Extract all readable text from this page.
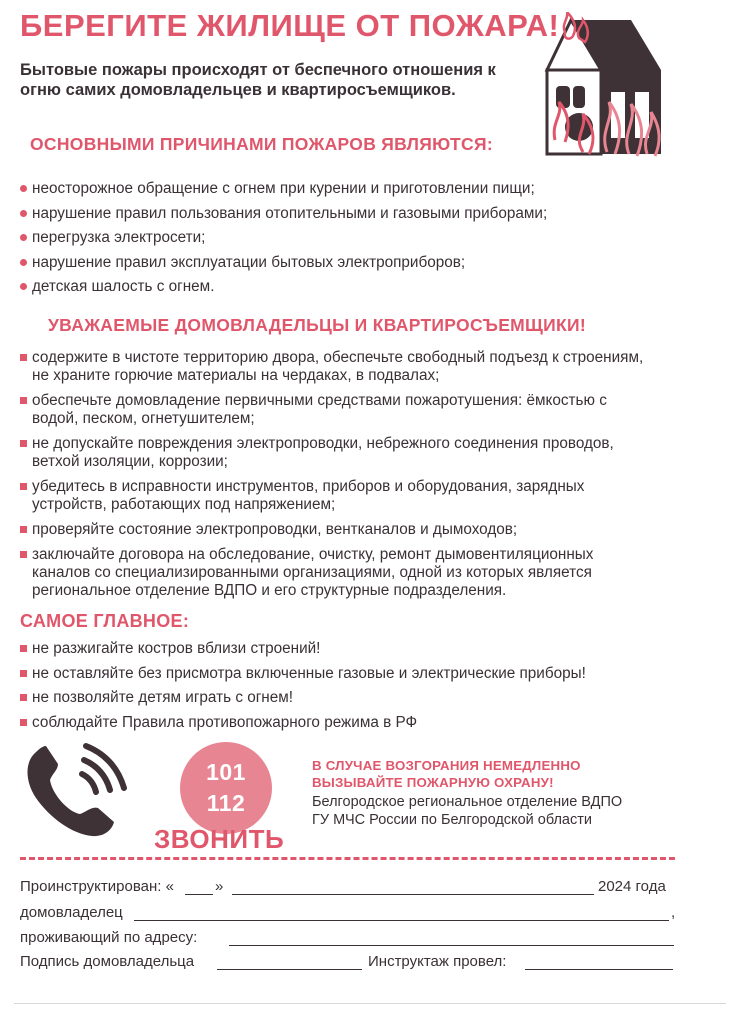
БЕРЕГИТЕ ЖИЛИЩЕ ОТ ПОЖАРА!
Бытовые пожары происходят от беспечного отношения к огню самих домовладельцев и квартиросъемщиков.
ОСНОВНЫМИ ПРИЧИНАМИ ПОЖАРОВ ЯВЛЯЮТСЯ:
неосторожное обращение с огнем при курении и приготовлении пищи;
нарушение правил пользования отопительными и газовыми приборами;
перегрузка электросети;
нарушение правил эксплуатации бытовых электроприборов;
детская шалость с огнем.
УВАЖАЕМЫЕ ДОМОВЛАДЕЛЬЦЫ И КВАРТИРОСЪЕМЩИКИ!
содержите в чистоте территорию двора, обеспечьте свободный подъезд к строениям, не храните горючие материалы на чердаках, в подвалах;
обеспечьте домовладение первичными средствами пожаротушения: ёмкостью с водой, песком, огнетушителем;
не допускайте повреждения электропроводки, небрежного соединения проводов, ветхой изоляции, коррозии;
убедитесь в исправности инструментов, приборов и оборудования, зарядных устройств, работающих под напряжением;
проверяйте состояние электропроводки, вентканалов и дымоходов;
заключайте договора на обследование, очистку, ремонт дымовентиляционных каналов со специализированными организациями, одной из которых является региональное отделение ВДПО и его структурные подразделения.
САМОЕ ГЛАВНОЕ:
не разжигайте костров вблизи строений!
не оставляйте без присмотра включенные газовые и электрические приборы!
не позволяйте детям играть с огнем!
соблюдайте Правила противопожарного режима в РФ
101
112
ЗВОНИТЬ
В СЛУЧАЕ ВОЗГОРАНИЯ НЕМЕДЛЕННО
ВЫЗЫВАЙТЕ ПОЖАРНУЮ ОХРАНУ!
Белгородское региональное отделение ВДПО
ГУ МЧС России по Белгородской области
Проинструктирован: «	»	2024 года
домовладелец	,
проживающий по адресу:
Подпись домовладельца	Инструктаж провел:
